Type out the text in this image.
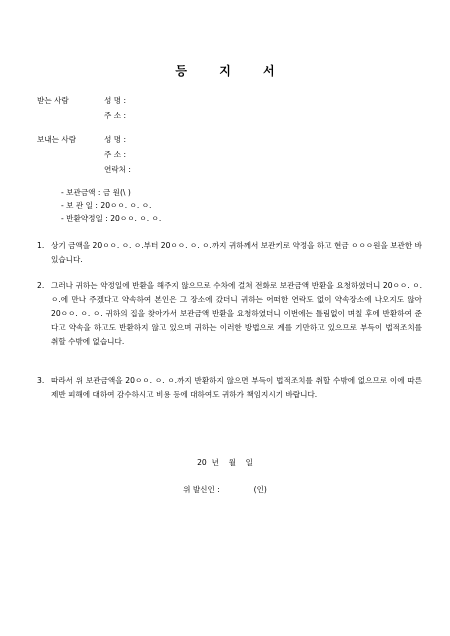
등 지 서
받는 사람	성 명 :
주 소 :
보내는 사람	성 명 :
주 소 :
연락처 :
- 보관금액 : 금 원(\ )
- 보 관 일 : 20ㅇㅇ. ㅇ. ㅇ.
- 반환약정일 : 20ㅇㅇ. ㅇ. ㅇ.
1. 상기 금액을 20ㅇㅇ. ㅇ. ㅇ.부터 20ㅇㅇ. ㅇ. ㅇ.까지 귀하께서 보관키로 약정을 하고 현금 ㅇㅇㅇ원을 보관한 바 있습니다.
2. 그러나 귀하는 약정일에 반환을 해주지 않으므로 수차에 걸쳐 전화로 보관금액 반환을 요청하였더니 20ㅇㅇ. ㅇ. ㅇ.에 만나 주겠다고 약속하여 본인은 그 장소에 갔더니 귀하는 어떠한 연락도 없이 약속장소에 나오지도 않아 20ㅇㅇ. ㅇ. ㅇ. 귀하의 집을 찾아가서 보관금액 반환을 요청하였더니 이번에는 틀림없이 며칠 후에 반환하여 준다고 약속을 하고도 반환하지 않고 있으며 귀하는 이러한 방법으로 계를 기만하고 있으므로 부득이 법적조치를 취할 수밖에 없습니다.
3. 따라서 위 보관금액을 20ㅇㅇ. ㅇ. ㅇ.까지 반환하지 않으면 부득이 법적조치를 취할 수밖에 없으므로 이에 따른 제반 피해에 대하여 감수하시고 비용 등에 대하여도 귀하가 책임지시기 바랍니다.
20  년    월    일
위 발신인 :              (인)
